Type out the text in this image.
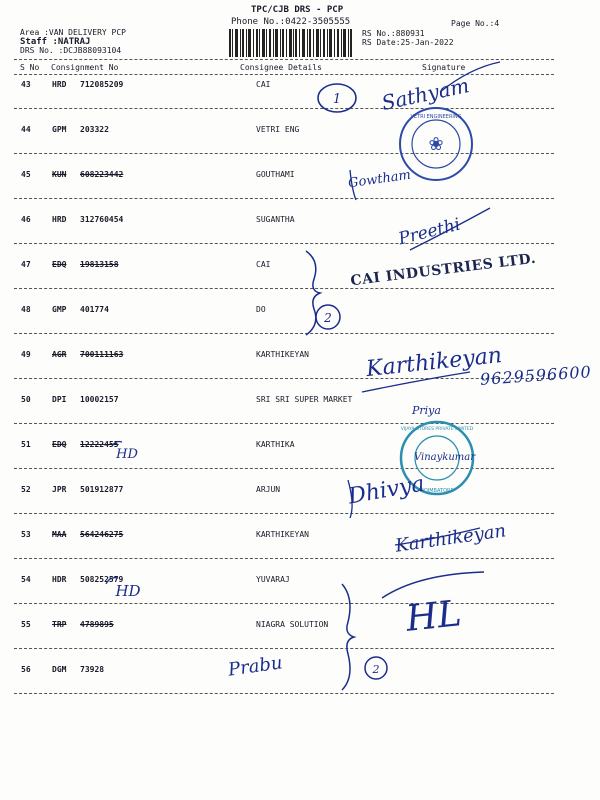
TPC/CJB DRS - PCP
Phone No.:0422-3505555
Area :VAN DELIVERY PCP
Staff :NATRAJ
DRS No. :DCJB88093104
RS No.:880931
RS Date:25-Jan-2022
Page No.:4
S No Consignment No	Consignee Details	Signature
43	HRD 712085209	CAI
44	GPM 203322	VETRI ENG
45	KUN 608223442	GOUTHAMI
46	HRD 312760454	SUGANTHA
47	EDQ 19813158	CAI
48	GMP 401774	DO
49	AGR 700111163	KARTHIKEYAN
50	DPI 10002157	SRI SRI SUPER MARKET
51	EDQ 12222455	KARTHIKA
52	JPR 501912877	ARJUN
53	MAA 564246275	KARTHIKEYAN
54	HDR 508252579	YUVARAJ
55	TRP 4789895	NIAGRA SOLUTION
56	DGM 73928
❀
VETRI ENGINEERING
VIJAYA STORES PRIVATE LIMITED
COIMBATORE
1 Sathyam
Gowtham
Preethi
2
CAI INDUSTRIES LTD.
Karthikeyan
9629596600
Priya
Vinaykumar
HD
Dhivya
Karthikeyan
HD
2
HL
Prabu
